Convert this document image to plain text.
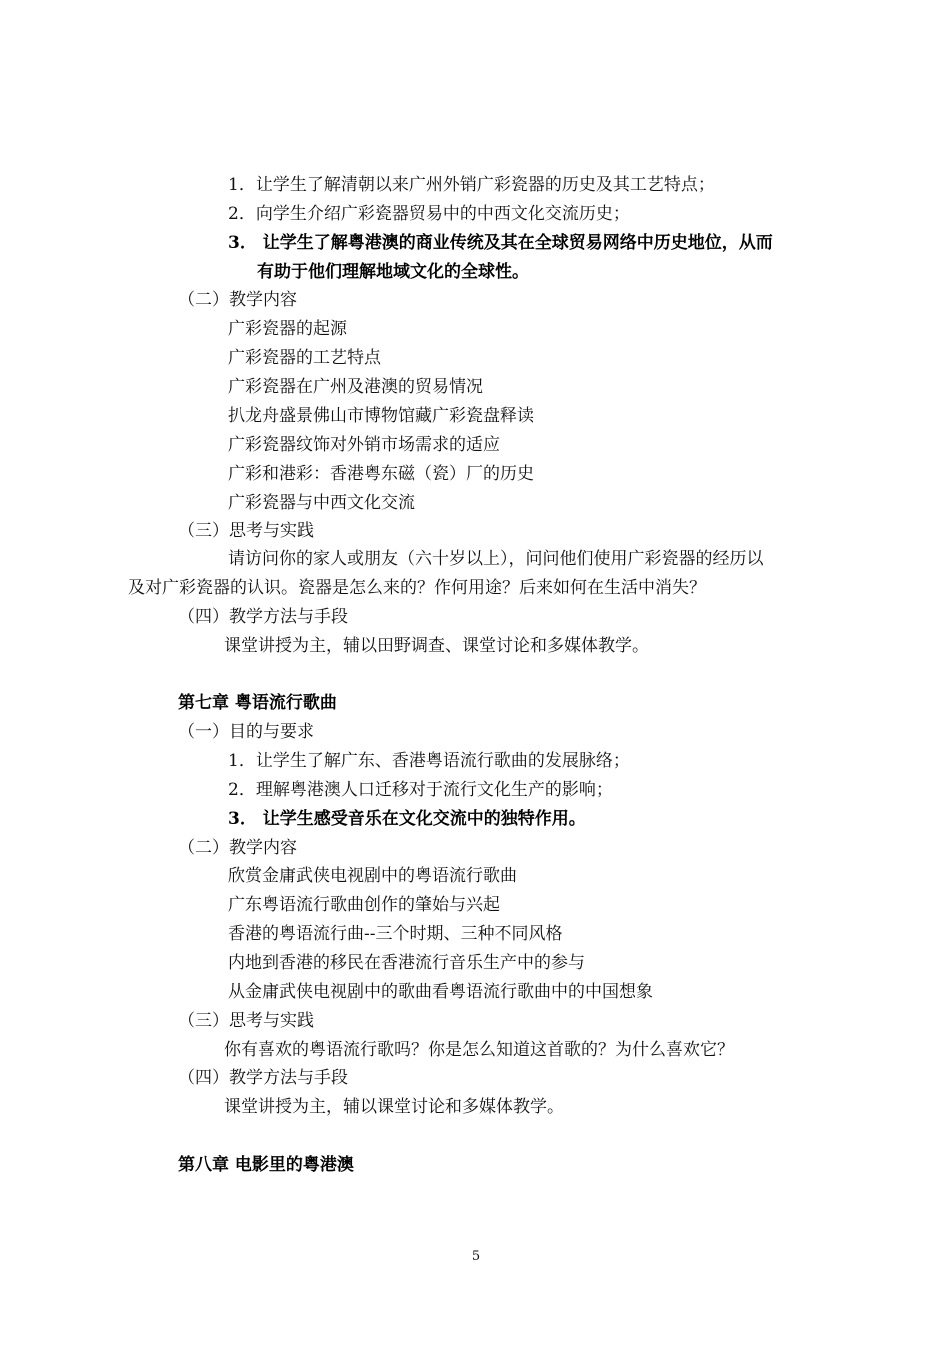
1．让学生了解清朝以来广州外销广彩瓷器的历史及其工艺特点；
2．向学生介绍广彩瓷器贸易中的中西文化交流历史；
3． 让学生了解粤港澳的商业传统及其在全球贸易网络中历史地位，从而
有助于他们理解地域文化的全球性。
（二）教学内容
广彩瓷器的起源
广彩瓷器的工艺特点
广彩瓷器在广州及港澳的贸易情况
扒龙舟盛景佛山市博物馆藏广彩瓷盘释读
广彩瓷器纹饰对外销市场需求的适应
广彩和港彩：香港粤东磁（瓷）厂的历史
广彩瓷器与中西文化交流
（三）思考与实践
请访问你的家人或朋友（六十岁以上），问问他们使用广彩瓷器的经历以
及对广彩瓷器的认识。瓷器是怎么来的？作何用途？后来如何在生活中消失？
（四）教学方法与手段
课堂讲授为主，辅以田野调查、课堂讨论和多媒体教学。
第七章 粤语流行歌曲
（一）目的与要求
1．让学生了解广东、香港粤语流行歌曲的发展脉络；
2．理解粤港澳人口迁移对于流行文化生产的影响；
3． 让学生感受音乐在文化交流中的独特作用。
（二）教学内容
欣赏金庸武侠电视剧中的粤语流行歌曲
广东粤语流行歌曲创作的肇始与兴起
香港的粤语流行曲--三个时期、三种不同风格
内地到香港的移民在香港流行音乐生产中的参与
从金庸武侠电视剧中的歌曲看粤语流行歌曲中的中国想象
（三）思考与实践
你有喜欢的粤语流行歌吗？你是怎么知道这首歌的？为什么喜欢它？
（四）教学方法与手段
课堂讲授为主，辅以课堂讨论和多媒体教学。
第八章 电影里的粤港澳
5
